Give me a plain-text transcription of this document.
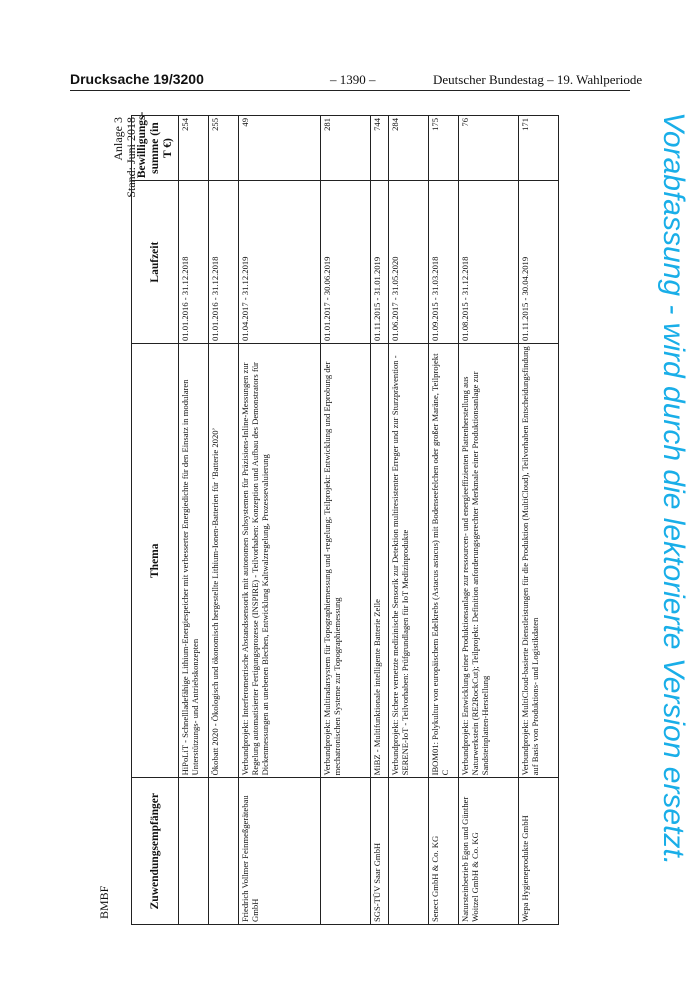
Drucksache 19/3200	– 1390 –	Deutscher Bundestag – 19. Wahlperiode
BMBF
Anlage 3 Stand: Juni 2018
Zuwendungsempfänger	Thema	Laufzeit	Bewilligungs-summe (in T €)
	HiPoLiT - Schnellladefähige Lithium-Energiespeicher mit verbesserter Energiedichte für den Einsatz in modularen Unterstützungs- und Antriebskonzepten	01.01.2016 - 31.12.2018	254
	Ökobatt 2020 - Ökologisch und ökonomisch hergestellte Lithium-Ionen-Batterien für ‘Batterie 2020’	01.01.2016 - 31.12.2018	255
Friedrich Vollmer Feinmeßgerätebau GmbH	Verbundprojekt: Interferometrische Abstandssensorik mit autonomen Subsystemen für Präzisions-Inline-Messungen zur Regelung automatisierter Fertigungsprozesse (INSPIRE) - Teilvorhaben: Konzeption und Aufbau des Demonstrators für Dickenmessungen an unebenen Blechen, Entwicklung Kaltwalzregelung, Prozessevaluierung	01.04.2017 - 31.12.2019	49
	Verbundprojekt: Multiradarsystem für Topographiemessung und -regelung; Teilprojekt: Entwicklung und Erprobung der mechatronischen Systeme zur Topographiemessung	01.01.2017 - 30.06.2019	281
SGS-TÜV Saar GmbH	MiBZ - Multifunktionale intelligente Batterie Zelle	01.11.2015 - 31.01.2019	744
	Verbundprojekt: Sichere vernetzte medizinische Sensorik zur Detektion multiresistenter Erreger und zur Sturzprävention - SERENE-IoT - Teilvorhaben: Prüfgrundlagen für IoT Medizinprodukte	01.06.2017 - 31.05.2020	284
Senect GmbH & Co. KG	IBOM01: Polykultur von europäischem Edelkrebs (Astacus astacus) mit Bodenseefelchen oder großer Maräne, Teilprojekt C	01.09.2015 - 31.03.2018	175
Natursteinbetrieb Egon und Günther Woitzel GmbH & Co. KG	Verbundprojekt: Entwicklung einer Produktionsanlage zur ressourcen- und energieeffizienten Plattenherstellung aus Naturwerkstein (RE2RockCut); Teilprojekt: Definition anforderungsgerechter Merkmale einer Produktionsanlage zur Sandsteinplatten-Herstellung	01.08.2015 - 31.12.2018	76
Wepa Hygieneprodukte GmbH	Verbundprojekt: MultiCloud-basierte Dienstleistungen für die Produktion (MultiCloud), Teilvorhaben Entscheidungsfindung auf Basis von Produktions- und Logistikdaten	01.11.2015 - 30.04.2019	171	Vorabfassung - wird durch die lektorierte Version ersetzt.
